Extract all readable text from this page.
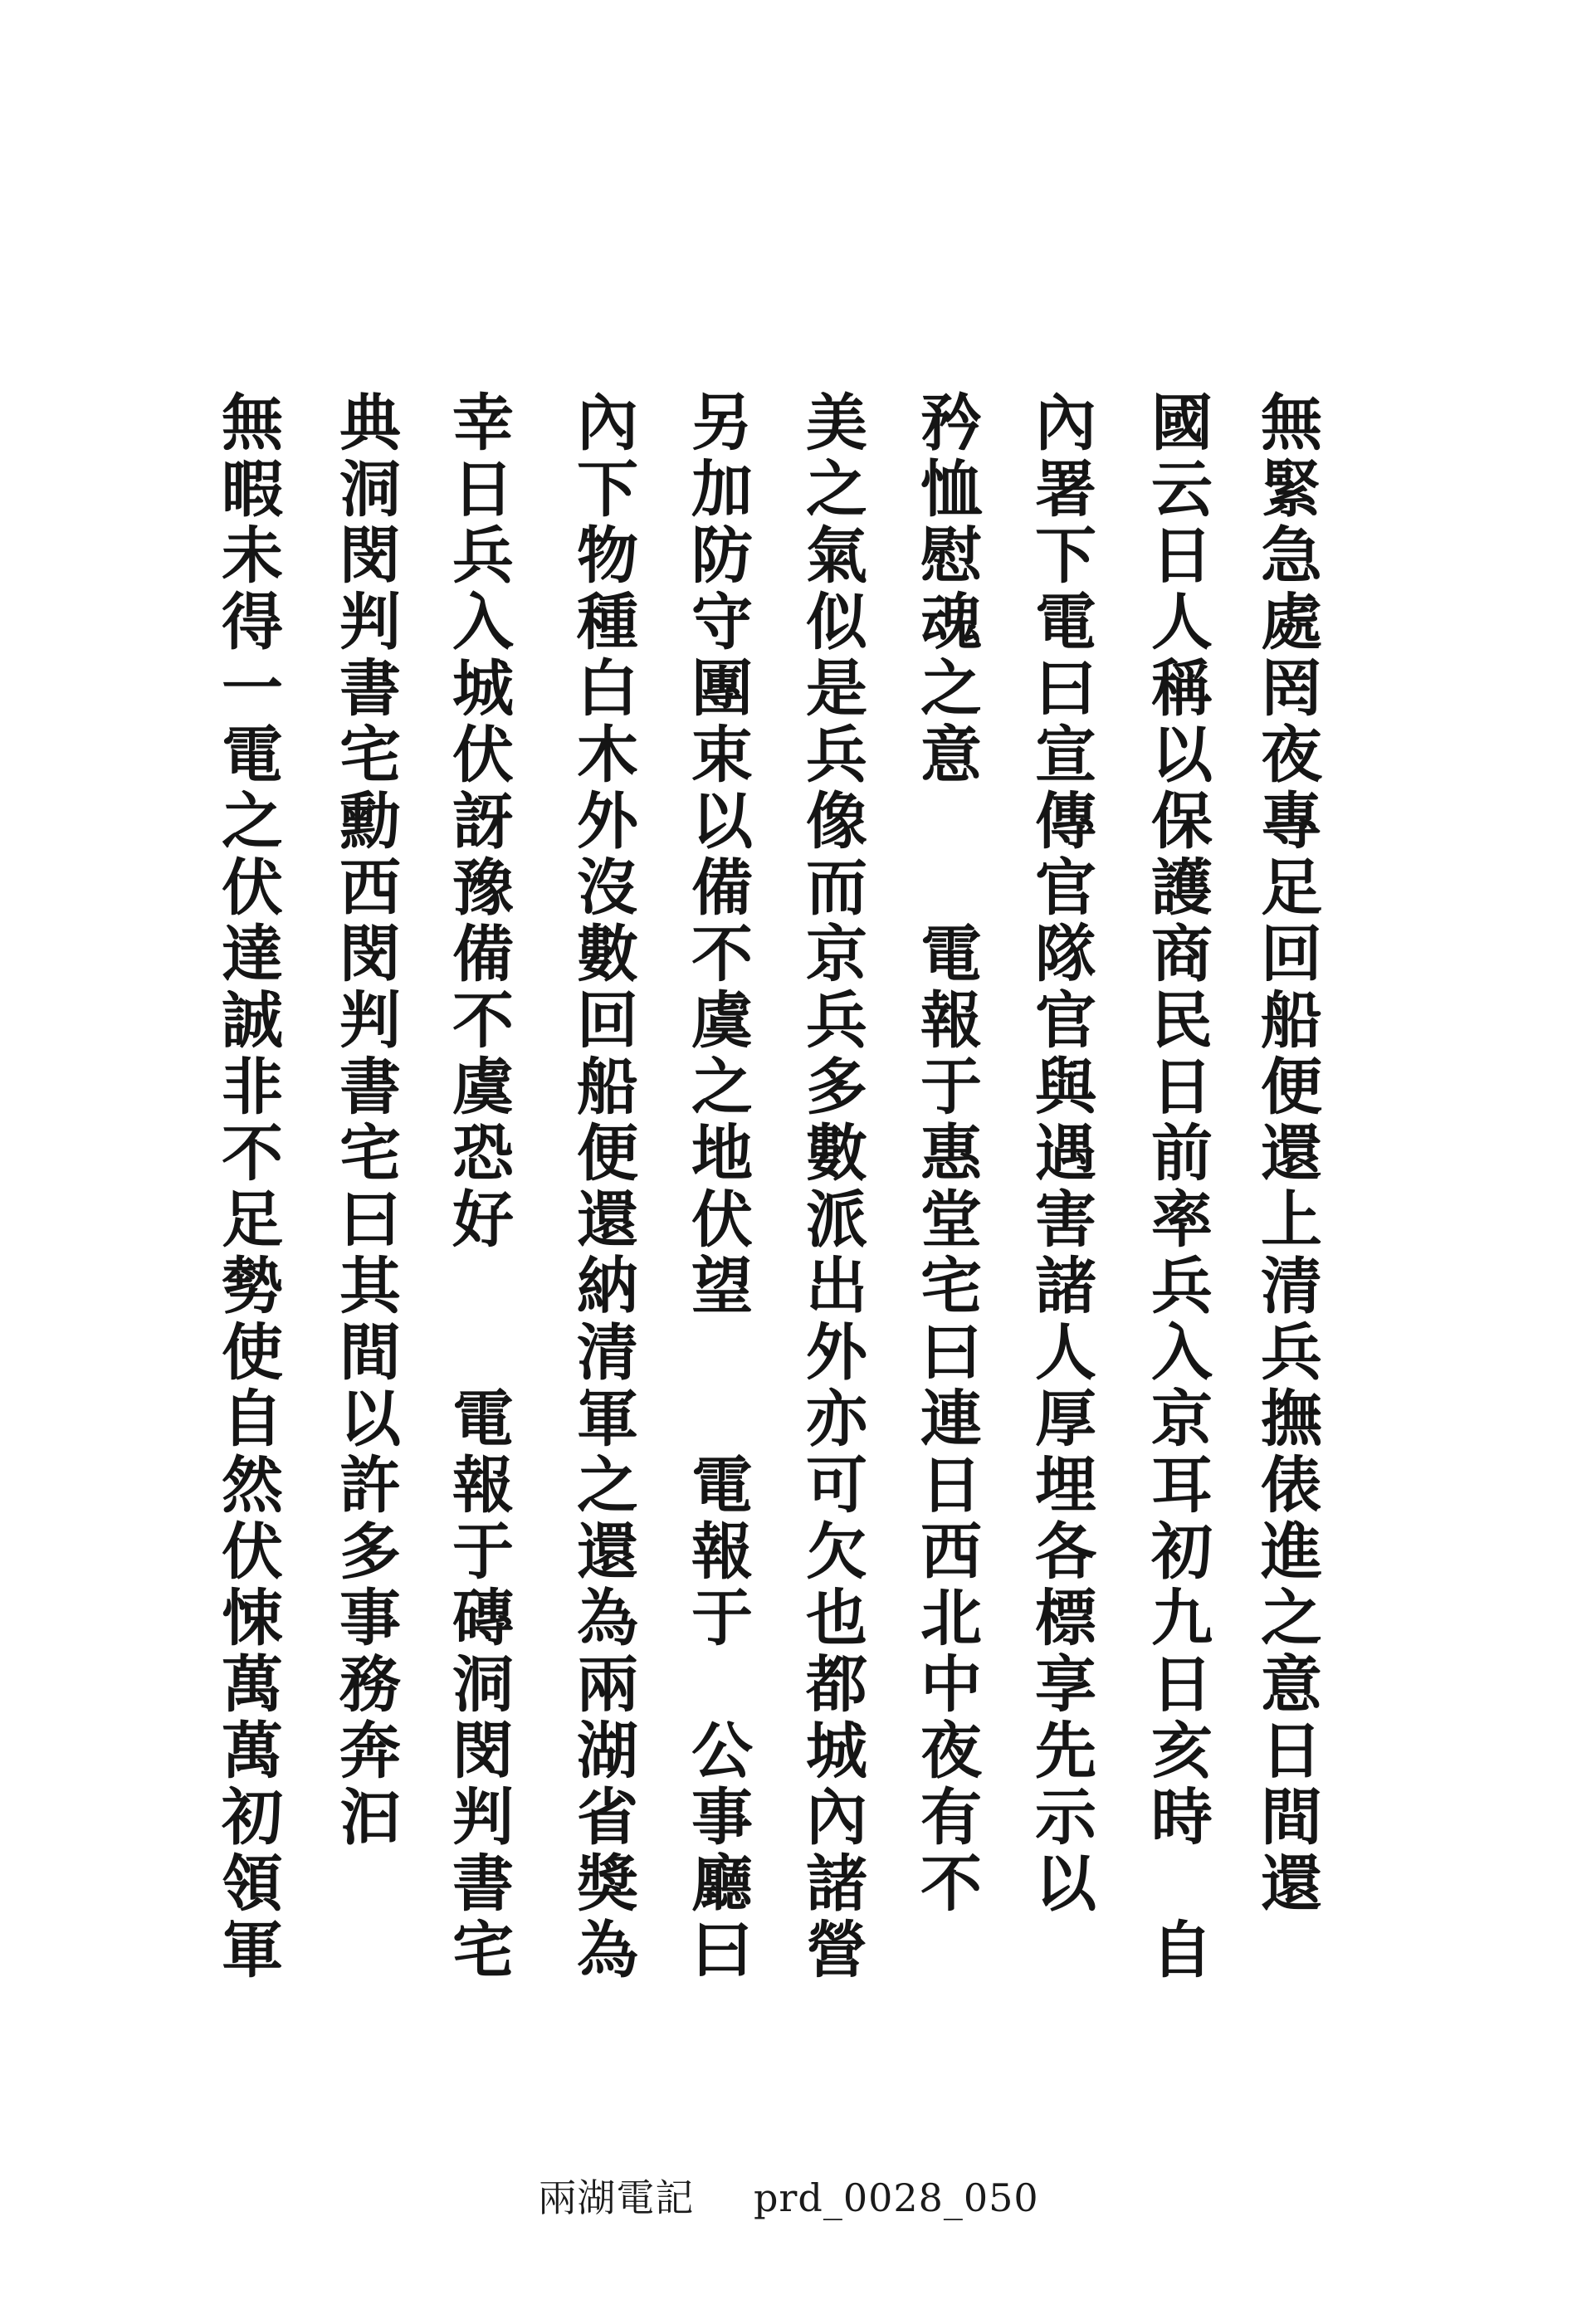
無緊急處罔夜專足回船便還上清兵撫俵進之意日間還
國云日人稱以保護商民日前率兵入京耳初九日亥時　自
內署下電曰宣傳官隊官與遇害諸人厚埋各標享先示以
矜恤慰魂之意　　電報于惠堂宅曰連日西北中夜有不
美之氣似是兵像而京兵多數派出外亦可欠也都城內諸營
另加防守團束以備不虞之地伏望　　電報于　公事廳曰
內下物種白木外沒數回船便還納清軍之還為兩湖省獎為
幸日兵入城伏訝豫備不虞恐好　　電報于磚洞閔判書宅
典洞閔判書宅勳西閔判書宅曰其間以許多事務奔汩
無暇未得一電之伏達誠非不足勢使自然伏悚萬萬初領軍
兩湖電記 prd_0028_050
